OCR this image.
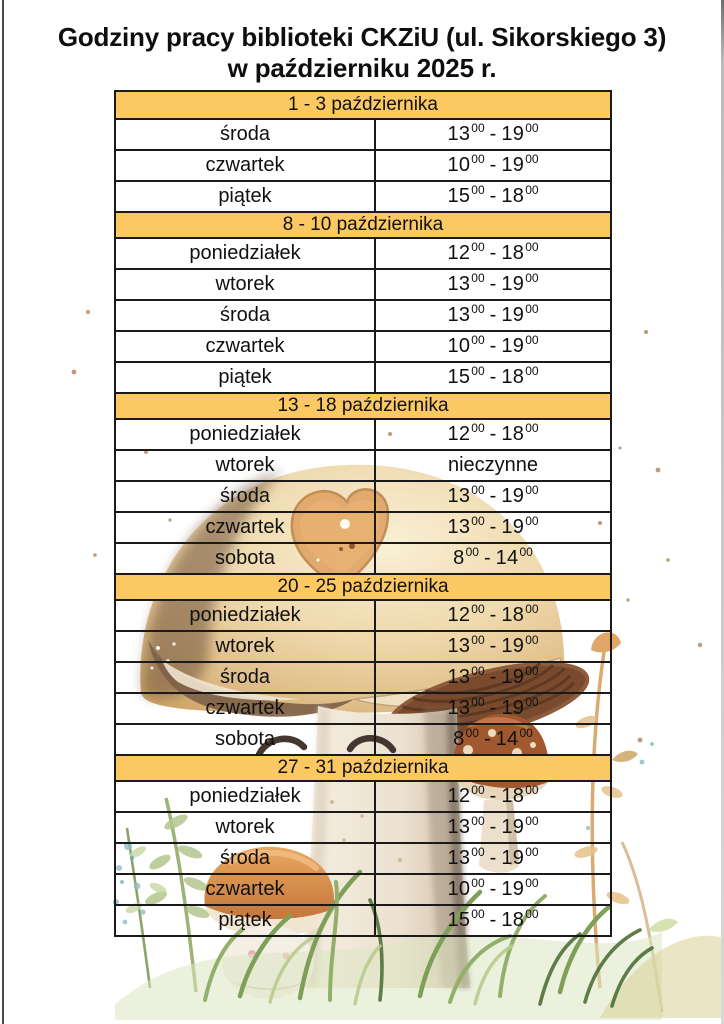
Godziny pracy biblioteki CKZiU (ul. Sikorskiego 3)
w październiku 2025 r.
1 - 3 października
środa	13 00 - 19 00
czwartek	10 00 - 19 00
piątek	15 00 - 18 00
8 - 10 października
poniedziałek	12 00 - 18 00
wtorek	13 00 - 19 00
środa	13 00 - 19 00
czwartek	10 00 - 19 00
piątek	15 00 - 18 00
13 - 18 października
poniedziałek	12 00 - 18 00
wtorek	nieczynne
środa	13 00 - 19 00
czwartek	13 00 - 19 00
sobota	8 00 - 14 00
20 - 25 października
poniedziałek	12 00 - 18 00
wtorek	13 00 - 19 00
środa	13 00 - 19 00
czwartek	13 00 - 19 00
sobota	8 00 - 14 00
27 - 31 października
poniedziałek	12 00 - 18 00
wtorek	13 00 - 19 00
środa	13 00 - 19 00
czwartek	10 00 - 19 00
piątek	15 00 - 18 00
